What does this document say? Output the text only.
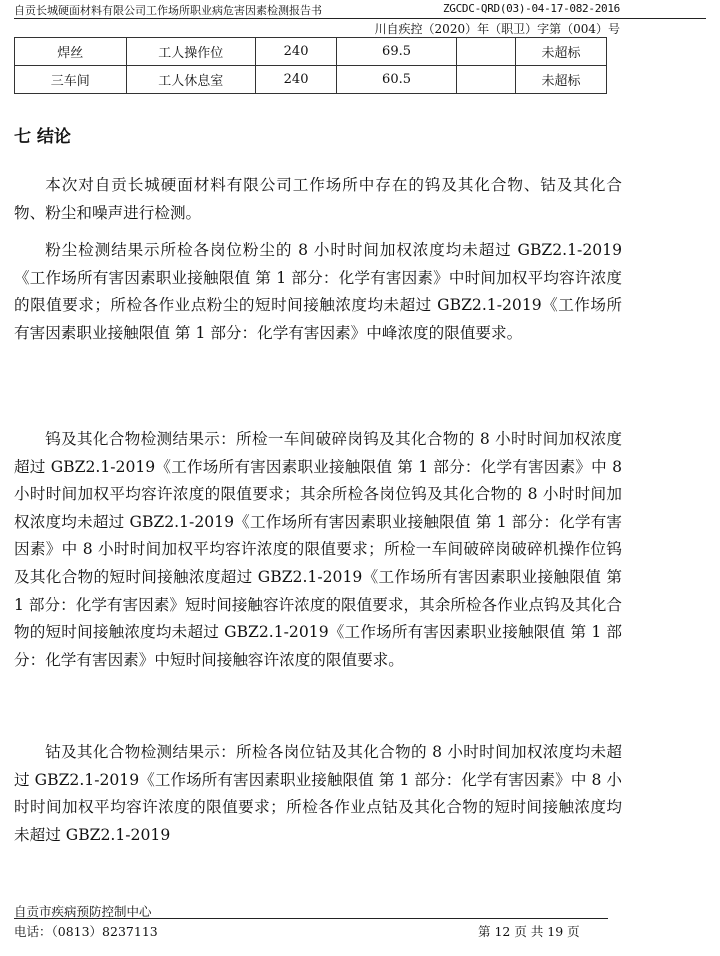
自贡长城硬面材料有限公司工作场所职业病危害因素检测报告书	ZGCDC-QRD(03)-04-17-082-2016
川自疾控（2020）年（职卫）字第（004）号
焊丝	工人操作位	240	69.5		未超标
三车间	工人休息室	240	60.5		未超标
七 结论

本次对自贡长城硬面材料有限公司工作场所中存在的钨及其化合物、钴及其化合物、粉尘和噪声进行检测。

粉尘检测结果示所检各岗位粉尘的 8 小时时间加权浓度均未超过 GBZ2.1-2019《工作场所有害因素职业接触限值 第 1 部分：化学有害因素》中时间加权平均容许浓度的限值要求；所检各作业点粉尘的短时间接触浓度均未超过 GBZ2.1-2019《工作场所有害因素职业接触限值 第 1 部分：化学有害因素》中峰浓度的限值要求。

钨及其化合物检测结果示：所检一车间破碎岗钨及其化合物的 8 小时时间加权浓度超过 GBZ2.1-2019《工作场所有害因素职业接触限值 第 1 部分：化学有害因素》中 8 小时时间加权平均容许浓度的限值要求；其余所检各岗位钨及其化合物的 8 小时时间加权浓度均未超过 GBZ2.1-2019《工作场所有害因素职业接触限值 第 1 部分：化学有害因素》中 8 小时时间加权平均容许浓度的限值要求；所检一车间破碎岗破碎机操作位钨及其化合物的短时间接触浓度超过 GBZ2.1-2019《工作场所有害因素职业接触限值 第 1 部分：化学有害因素》短时间接触容许浓度的限值要求，其余所检各作业点钨及其化合物的短时间接触浓度均未超过 GBZ2.1-2019《工作场所有害因素职业接触限值 第 1 部分：化学有害因素》中短时间接触容许浓度的限值要求。

钴及其化合物检测结果示：所检各岗位钴及其化合物的 8 小时时间加权浓度均未超过 GBZ2.1-2019《工作场所有害因素职业接触限值 第 1 部分：化学有害因素》中 8 小时时间加权平均容许浓度的限值要求；所检各作业点钴及其化合物的短时间接触浓度均未超过 GBZ2.1-2019

自贡市疾病预防控制中心
电话：（0813）8237113	第 12 页 共 19 页
